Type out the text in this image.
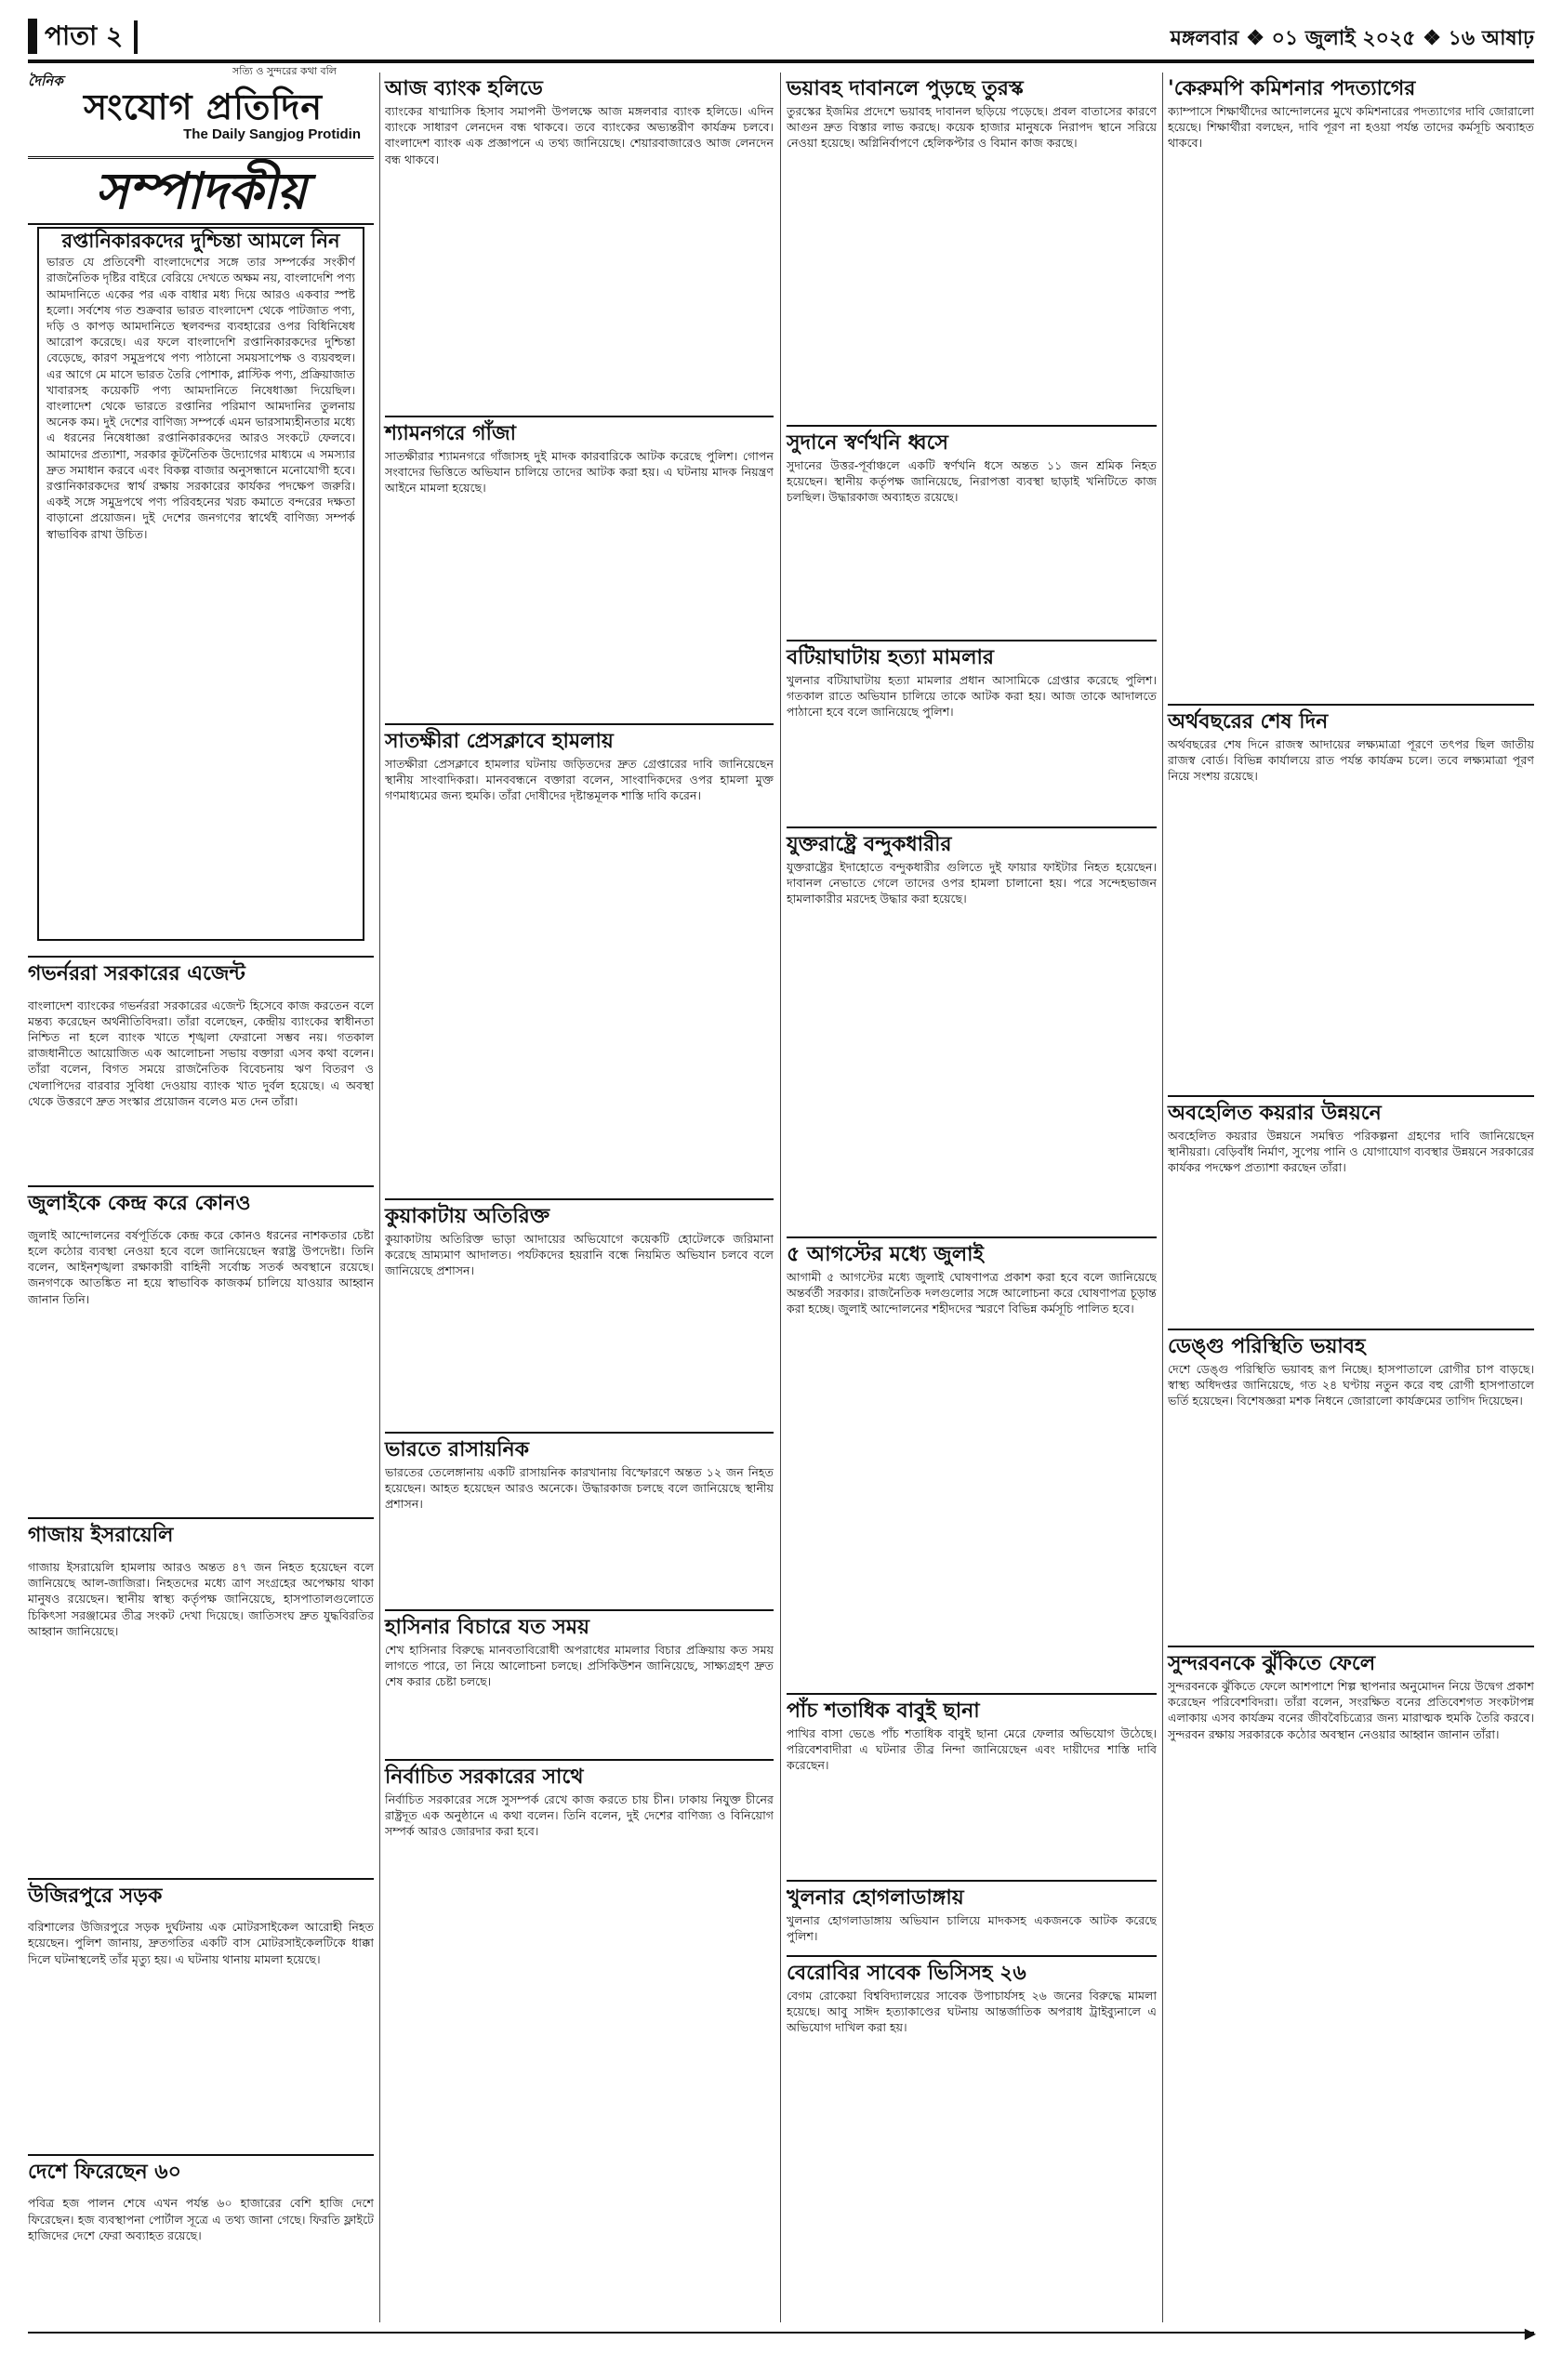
পাতা ২	মঙ্গলবার ❖ ০১ জুলাই ২০২৫ ❖ ১৬ আষাঢ়
সত্যি ও সুন্দরের কথা বলি
দৈনিক
সংযোগ প্রতিদিন
The Daily Sangjog Protidin
সম্পাদকীয়
রপ্তানিকারকদের দুশ্চিন্তা আমলে নিন

ভারত যে প্রতিবেশী বাংলাদেশের সঙ্গে তার সম্পর্কের সংকীর্ণ রাজনৈতিক দৃষ্টির বাইরে বেরিয়ে দেখতে অক্ষম নয়, বাংলাদেশি পণ্য আমদানিতে একের পর এক বাধার মধ্য দিয়ে আরও একবার স্পষ্ট হলো। সর্বশেষ গত শুক্রবার ভারত বাংলাদেশ থেকে পাটজাত পণ্য, দড়ি ও কাপড় আমদানিতে স্থলবন্দর ব্যবহারের ওপর বিধিনিষেধ আরোপ করেছে। এর ফলে বাংলাদেশি রপ্তানিকারকদের দুশ্চিন্তা বেড়েছে, কারণ সমুদ্রপথে পণ্য পাঠানো সময়সাপেক্ষ ও ব্যয়বহুল। এর আগে মে মাসে ভারত তৈরি পোশাক, প্লাস্টিক পণ্য, প্রক্রিয়াজাত খাবারসহ কয়েকটি পণ্য আমদানিতে নিষেধাজ্ঞা দিয়েছিল। বাংলাদেশ থেকে ভারতে রপ্তানির পরিমাণ আমদানির তুলনায় অনেক কম। দুই দেশের বাণিজ্য সম্পর্কে এমন ভারসাম্যহীনতার মধ্যে এ ধরনের নিষেধাজ্ঞা রপ্তানিকারকদের আরও সংকটে ফেলবে। আমাদের প্রত্যাশা, সরকার কূটনৈতিক উদ্যোগের মাধ্যমে এ সমস্যার দ্রুত সমাধান করবে এবং বিকল্প বাজার অনুসন্ধানে মনোযোগী হবে। রপ্তানিকারকদের স্বার্থ রক্ষায় সরকারের কার্যকর পদক্ষেপ জরুরি। একই সঙ্গে সমুদ্রপথে পণ্য পরিবহনের খরচ কমাতে বন্দরের দক্ষতা বাড়ানো প্রয়োজন। দুই দেশের জনগণের স্বার্থেই বাণিজ্য সম্পর্ক স্বাভাবিক রাখা উচিত।

গভর্নররা সরকারের এজেন্ট

বাংলাদেশ ব্যাংকের গভর্নররা সরকারের এজেন্ট হিসেবে কাজ করতেন বলে মন্তব্য করেছেন অর্থনীতিবিদরা। তাঁরা বলেছেন, কেন্দ্রীয় ব্যাংকের স্বাধীনতা নিশ্চিত না হলে ব্যাংক খাতে শৃঙ্খলা ফেরানো সম্ভব নয়। গতকাল রাজধানীতে আয়োজিত এক আলোচনা সভায় বক্তারা এসব কথা বলেন। তাঁরা বলেন, বিগত সময়ে রাজনৈতিক বিবেচনায় ঋণ বিতরণ ও খেলাপিদের বারবার সুবিধা দেওয়ায় ব্যাংক খাত দুর্বল হয়েছে। এ অবস্থা থেকে উত্তরণে দ্রুত সংস্কার প্রয়োজন বলেও মত দেন তাঁরা।

জুলাইকে কেন্দ্র করে কোনও

জুলাই আন্দোলনের বর্ষপূর্তিকে কেন্দ্র করে কোনও ধরনের নাশকতার চেষ্টা হলে কঠোর ব্যবস্থা নেওয়া হবে বলে জানিয়েছেন স্বরাষ্ট্র উপদেষ্টা। তিনি বলেন, আইনশৃঙ্খলা রক্ষাকারী বাহিনী সর্বোচ্চ সতর্ক অবস্থানে রয়েছে। জনগণকে আতঙ্কিত না হয়ে স্বাভাবিক কাজকর্ম চালিয়ে যাওয়ার আহ্বান জানান তিনি।

গাজায় ইসরায়েলি

গাজায় ইসরায়েলি হামলায় আরও অন্তত ৪৭ জন নিহত হয়েছেন বলে জানিয়েছে আল-জাজিরা। নিহতদের মধ্যে ত্রাণ সংগ্রহের অপেক্ষায় থাকা মানুষও রয়েছেন। স্থানীয় স্বাস্থ্য কর্তৃপক্ষ জানিয়েছে, হাসপাতালগুলোতে চিকিৎসা সরঞ্জামের তীব্র সংকট দেখা দিয়েছে। জাতিসংঘ দ্রুত যুদ্ধবিরতির আহ্বান জানিয়েছে।

উজিরপুরে সড়ক

বরিশালের উজিরপুরে সড়ক দুর্ঘটনায় এক মোটরসাইকেল আরোহী নিহত হয়েছেন। পুলিশ জানায়, দ্রুতগতির একটি বাস মোটরসাইকেলটিকে ধাক্কা দিলে ঘটনাস্থলেই তাঁর মৃত্যু হয়। এ ঘটনায় থানায় মামলা হয়েছে।

দেশে ফিরেছেন ৬০

পবিত্র হজ পালন শেষে এখন পর্যন্ত ৬০ হাজারের বেশি হাজি দেশে ফিরেছেন। হজ ব্যবস্থাপনা পোর্টাল সূত্রে এ তথ্য জানা গেছে। ফিরতি ফ্লাইটে হাজিদের দেশে ফেরা অব্যাহত রয়েছে।

আজ ব্যাংক হলিডে

ব্যাংকের ষাণ্মাসিক হিসাব সমাপনী উপলক্ষে আজ মঙ্গলবার ব্যাংক হলিডে। এদিন ব্যাংকে সাধারণ লেনদেন বন্ধ থাকবে। তবে ব্যাংকের অভ্যন্তরীণ কার্যক্রম চলবে। বাংলাদেশ ব্যাংক এক প্রজ্ঞাপনে এ তথ্য জানিয়েছে। শেয়ারবাজারেও আজ লেনদেন বন্ধ থাকবে।

শ্যামনগরে গাঁজা

সাতক্ষীরার শ্যামনগরে গাঁজাসহ দুই মাদক কারবারিকে আটক করেছে পুলিশ। গোপন সংবাদের ভিত্তিতে অভিযান চালিয়ে তাদের আটক করা হয়। এ ঘটনায় মাদক নিয়ন্ত্রণ আইনে মামলা হয়েছে।

সাতক্ষীরা প্রেসক্লাবে হামলায়

সাতক্ষীরা প্রেসক্লাবে হামলার ঘটনায় জড়িতদের দ্রুত গ্রেপ্তারের দাবি জানিয়েছেন স্থানীয় সাংবাদিকরা। মানববন্ধনে বক্তারা বলেন, সাংবাদিকদের ওপর হামলা মুক্ত গণমাধ্যমের জন্য হুমকি। তাঁরা দোষীদের দৃষ্টান্তমূলক শাস্তি দাবি করেন।

কুয়াকাটায় অতিরিক্ত

কুয়াকাটায় অতিরিক্ত ভাড়া আদায়ের অভিযোগে কয়েকটি হোটেলকে জরিমানা করেছে ভ্রাম্যমাণ আদালত। পর্যটকদের হয়রানি বন্ধে নিয়মিত অভিযান চলবে বলে জানিয়েছে প্রশাসন।

ভারতে রাসায়নিক

ভারতের তেলেঙ্গানায় একটি রাসায়নিক কারখানায় বিস্ফোরণে অন্তত ১২ জন নিহত হয়েছেন। আহত হয়েছেন আরও অনেকে। উদ্ধারকাজ চলছে বলে জানিয়েছে স্থানীয় প্রশাসন।

হাসিনার বিচারে যত সময়

শেখ হাসিনার বিরুদ্ধে মানবতাবিরোধী অপরাধের মামলার বিচার প্রক্রিয়ায় কত সময় লাগতে পারে, তা নিয়ে আলোচনা চলছে। প্রসিকিউশন জানিয়েছে, সাক্ষ্যগ্রহণ দ্রুত শেষ করার চেষ্টা চলছে।

নির্বাচিত সরকারের সাথে

নির্বাচিত সরকারের সঙ্গে সুসম্পর্ক রেখে কাজ করতে চায় চীন। ঢাকায় নিযুক্ত চীনের রাষ্ট্রদূত এক অনুষ্ঠানে এ কথা বলেন। তিনি বলেন, দুই দেশের বাণিজ্য ও বিনিয়োগ সম্পর্ক আরও জোরদার করা হবে।

ভয়াবহ দাবানলে পুড়ছে তুরস্ক

তুরস্কের ইজমির প্রদেশে ভয়াবহ দাবানল ছড়িয়ে পড়েছে। প্রবল বাতাসের কারণে আগুন দ্রুত বিস্তার লাভ করছে। কয়েক হাজার মানুষকে নিরাপদ স্থানে সরিয়ে নেওয়া হয়েছে। অগ্নিনির্বাপণে হেলিকপ্টার ও বিমান কাজ করছে।

সুদানে স্বর্ণখনি ধ্বসে

সুদানের উত্তর-পূর্বাঞ্চলে একটি স্বর্ণখনি ধসে অন্তত ১১ জন শ্রমিক নিহত হয়েছেন। স্থানীয় কর্তৃপক্ষ জানিয়েছে, নিরাপত্তা ব্যবস্থা ছাড়াই খনিটিতে কাজ চলছিল। উদ্ধারকাজ অব্যাহত রয়েছে।

বটিয়াঘাটায় হত্যা মামলার

খুলনার বটিয়াঘাটায় হত্যা মামলার প্রধান আসামিকে গ্রেপ্তার করেছে পুলিশ। গতকাল রাতে অভিযান চালিয়ে তাকে আটক করা হয়। আজ তাকে আদালতে পাঠানো হবে বলে জানিয়েছে পুলিশ।

যুক্তরাষ্ট্রে বন্দুকধারীর

যুক্তরাষ্ট্রের ইদাহোতে বন্দুকধারীর গুলিতে দুই ফায়ার ফাইটার নিহত হয়েছেন। দাবানল নেভাতে গেলে তাদের ওপর হামলা চালানো হয়। পরে সন্দেহভাজন হামলাকারীর মরদেহ উদ্ধার করা হয়েছে।

৫ আগস্টের মধ্যে জুলাই

আগামী ৫ আগস্টের মধ্যে জুলাই ঘোষণাপত্র প্রকাশ করা হবে বলে জানিয়েছে অন্তর্বর্তী সরকার। রাজনৈতিক দলগুলোর সঙ্গে আলোচনা করে ঘোষণাপত্র চূড়ান্ত করা হচ্ছে। জুলাই আন্দোলনের শহীদদের স্মরণে বিভিন্ন কর্মসূচি পালিত হবে।

পাঁচ শতাধিক বাবুই ছানা

পাখির বাসা ভেঙে পাঁচ শতাধিক বাবুই ছানা মেরে ফেলার অভিযোগ উঠেছে। পরিবেশবাদীরা এ ঘটনার তীব্র নিন্দা জানিয়েছেন এবং দায়ীদের শাস্তি দাবি করেছেন।

খুলনার হোগলাডাঙ্গায়

খুলনার হোগলাডাঙ্গায় অভিযান চালিয়ে মাদকসহ একজনকে আটক করেছে পুলিশ।

বেরোবির সাবেক ভিসিসহ ২৬

বেগম রোকেয়া বিশ্ববিদ্যালয়ের সাবেক উপাচার্যসহ ২৬ জনের বিরুদ্ধে মামলা হয়েছে। আবু সাঈদ হত্যাকাণ্ডের ঘটনায় আন্তর্জাতিক অপরাধ ট্রাইব্যুনালে এ অভিযোগ দাখিল করা হয়।

'কেরুমপি কমিশনার পদত্যাগের

ক্যাম্পাসে শিক্ষার্থীদের আন্দোলনের মুখে কমিশনারের পদত্যাগের দাবি জোরালো হয়েছে। শিক্ষার্থীরা বলছেন, দাবি পূরণ না হওয়া পর্যন্ত তাদের কর্মসূচি অব্যাহত থাকবে।

অর্থবছরের শেষ দিন

অর্থবছরের শেষ দিনে রাজস্ব আদায়ের লক্ষ্যমাত্রা পূরণে তৎপর ছিল জাতীয় রাজস্ব বোর্ড। বিভিন্ন কার্যালয়ে রাত পর্যন্ত কার্যক্রম চলে। তবে লক্ষ্যমাত্রা পূরণ নিয়ে সংশয় রয়েছে।

অবহেলিত কয়রার উন্নয়নে

অবহেলিত কয়রার উন্নয়নে সমন্বিত পরিকল্পনা গ্রহণের দাবি জানিয়েছেন স্থানীয়রা। বেড়িবাঁধ নির্মাণ, সুপেয় পানি ও যোগাযোগ ব্যবস্থার উন্নয়নে সরকারের কার্যকর পদক্ষেপ প্রত্যাশা করছেন তাঁরা।

ডেঙ্গু পরিস্থিতি ভয়াবহ

দেশে ডেঙ্গু পরিস্থিতি ভয়াবহ রূপ নিচ্ছে। হাসপাতালে রোগীর চাপ বাড়ছে। স্বাস্থ্য অধিদপ্তর জানিয়েছে, গত ২৪ ঘণ্টায় নতুন করে বহু রোগী হাসপাতালে ভর্তি হয়েছেন। বিশেষজ্ঞরা মশক নিধনে জোরালো কার্যক্রমের তাগিদ দিয়েছেন।

সুন্দরবনকে ঝুঁকিতে ফেলে

সুন্দরবনকে ঝুঁকিতে ফেলে আশপাশে শিল্প স্থাপনার অনুমোদন নিয়ে উদ্বেগ প্রকাশ করেছেন পরিবেশবিদরা। তাঁরা বলেন, সংরক্ষিত বনের প্রতিবেশগত সংকটাপন্ন এলাকায় এসব কার্যক্রম বনের জীববৈচিত্র্যের জন্য মারাত্মক হুমকি তৈরি করবে। সুন্দরবন রক্ষায় সরকারকে কঠোর অবস্থান নেওয়ার আহ্বান জানান তাঁরা।

▶
